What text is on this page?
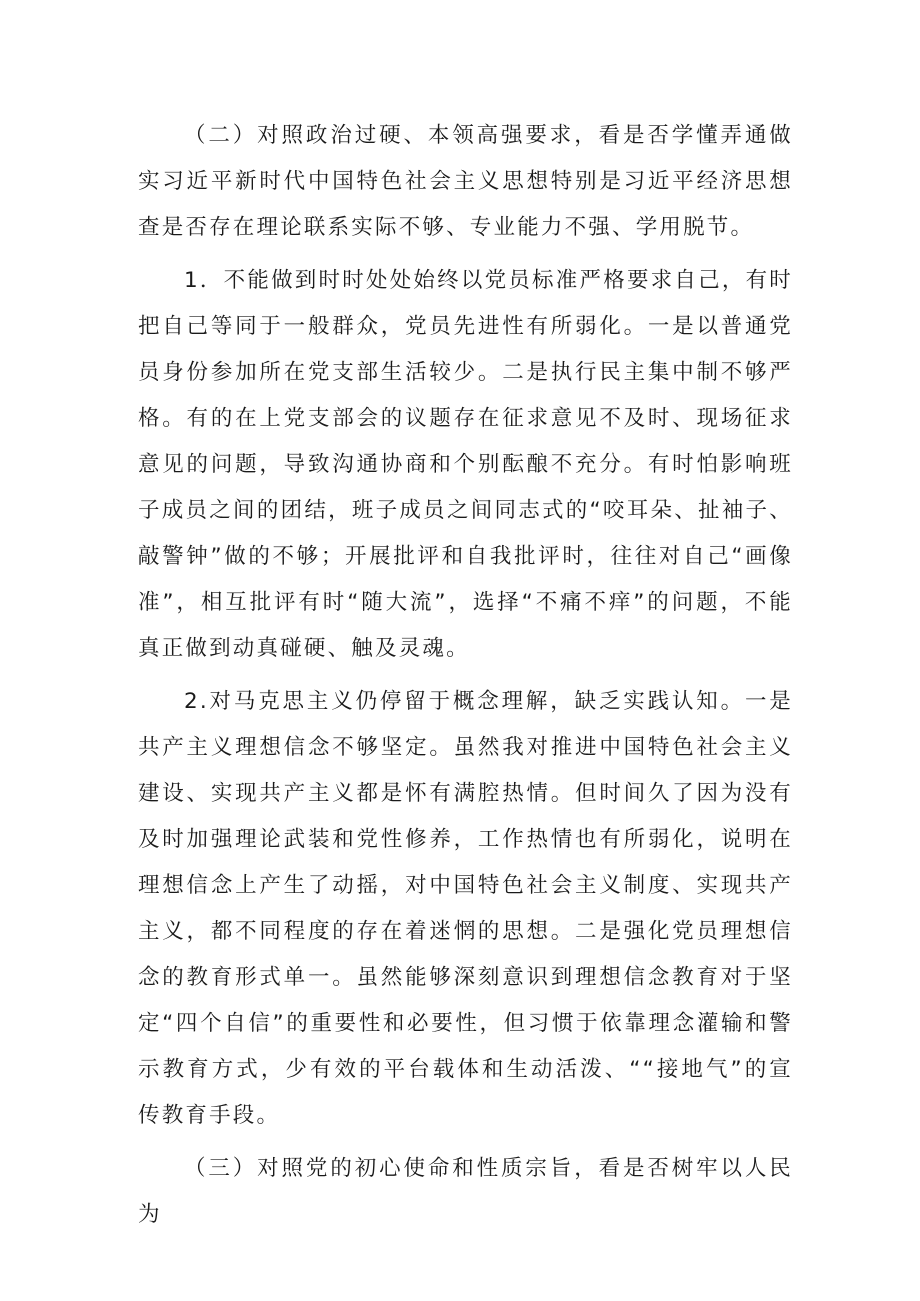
（二）对照政治过硬、本领高强要求，看是否学懂弄通做实习近平新时代中国特色社会主义思想特别是习近平经济思想查是否存在理论联系实际不够、专业能力不强、学用脱节。

1．不能做到时时处处始终以党员标准严格要求自己，有时把自己等同于一般群众，党员先进性有所弱化。一是以普通党员身份参加所在党支部生活较少。二是执行民主集中制不够严格。有的在上党支部会的议题存在征求意见不及时、现场征求意见的问题，导致沟通协商和个别酝酿不充分。有时怕影响班子成员之间的团结，班子成员之间同志式的“咬耳朵、扯袖子、敲警钟”做的不够；开展批评和自我批评时，往往对自己“画像准”，相互批评有时“随大流”，选择“不痛不痒”的问题，不能真正做到动真碰硬、触及灵魂。

2.对马克思主义仍停留于概念理解，缺乏实践认知。一是共产主义理想信念不够坚定。虽然我对推进中国特色社会主义建设、实现共产主义都是怀有满腔热情。但时间久了因为没有及时加强理论武装和党性修养，工作热情也有所弱化，说明在理想信念上产生了动摇，对中国特色社会主义制度、实现共产主义，都不同程度的存在着迷惘的思想。二是强化党员理想信念的教育形式单一。虽然能够深刻意识到理想信念教育对于坚定“四个自信”的重要性和必要性，但习惯于依靠理念灌输和警示教育方式，少有效的平台载体和生动活泼、““接地气”的宣传教育手段。

（三）对照党的初心使命和性质宗旨，看是否树牢以人民为
